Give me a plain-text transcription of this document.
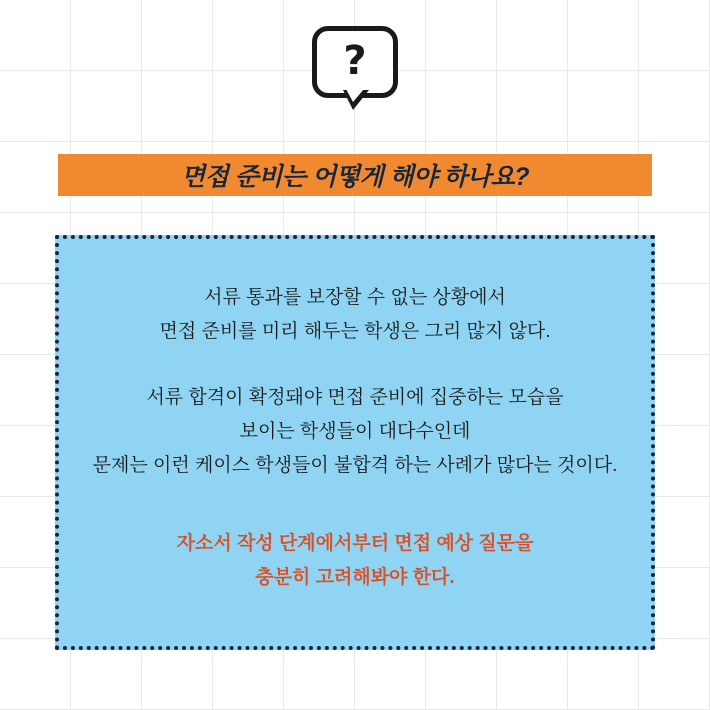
?
면접 준비는 어떻게 해야 하나요?
서류 통과를 보장할 수 없는 상황에서
면접 준비를 미리 해두는 학생은 그리 많지 않다.
서류 합격이 확정돼야 면접 준비에 집중하는 모습을
보이는 학생들이 대다수인데
문제는 이런 케이스 학생들이 불합격 하는 사례가 많다는 것이다.
자소서 작성 단계에서부터 면접 예상 질문을
충분히 고려해봐야 한다.
